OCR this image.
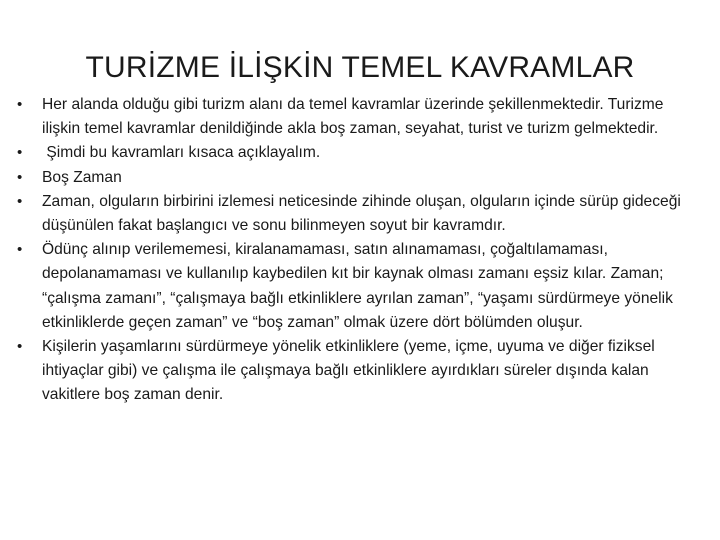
TURİZME İLİŞKİN TEMEL KAVRAMLAR
• Her alanda olduğu gibi turizm alanı da temel kavramlar üzerinde şekillenmektedir. Turizme ilişkin temel kavramlar denildiğinde akla boş zaman, seyahat, turist ve turizm gelmektedir.
• Şimdi bu kavramları kısaca açıklayalım.
• Boş Zaman
• Zaman, olguların birbirini izlemesi neticesinde zihinde oluşan, olguların içinde sürüp gideceği düşünülen fakat başlangıcı ve sonu bilinmeyen soyut bir kavramdır.
• Ödünç alınıp verilememesi, kiralanamaması, satın alınamaması, çoğaltılamaması, depolanamaması ve kullanılıp kaybedilen kıt bir kaynak olması zamanı eşsiz kılar. Zaman; “çalışma zamanı”, “çalışmaya bağlı etkinliklere ayrılan zaman”, “yaşamı sürdürmeye yönelik etkinliklerde geçen zaman” ve “boş zaman” olmak üzere dört bölümden oluşur.
• Kişilerin yaşamlarını sürdürmeye yönelik etkinliklere (yeme, içme, uyuma ve diğer fiziksel ihtiyaçlar gibi) ve çalışma ile çalışmaya bağlı etkinliklere ayırdıkları süreler dışında kalan vakitlere boş zaman denir.
